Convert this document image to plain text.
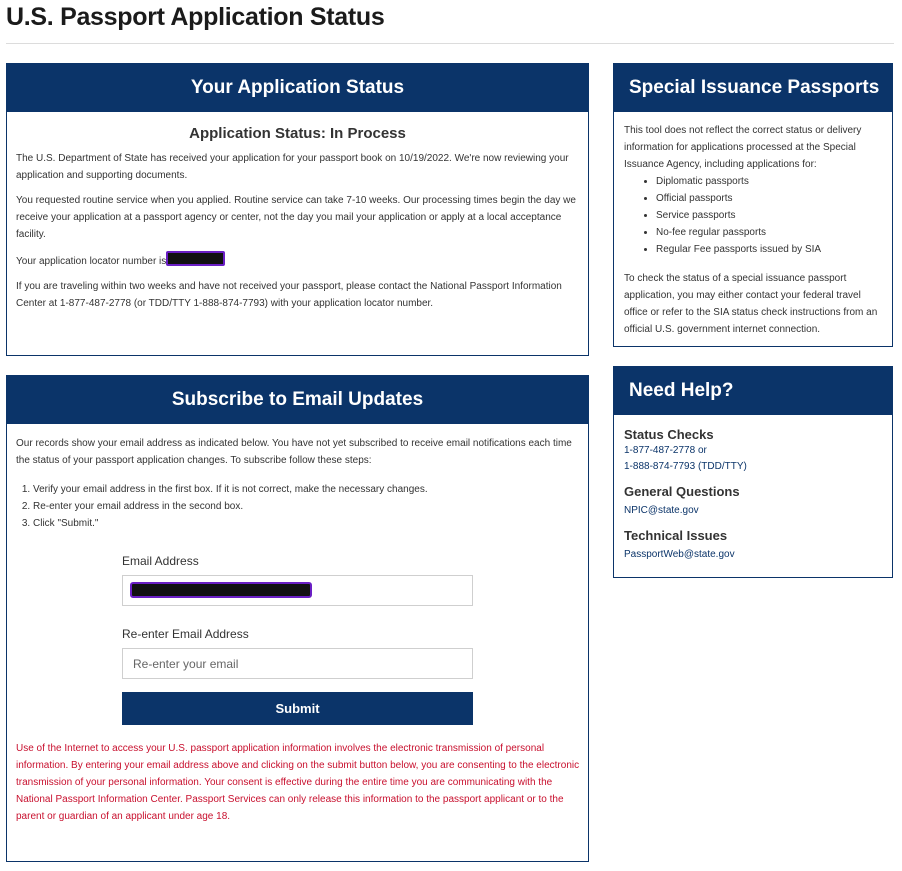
U.S. Passport Application Status
Your Application Status
Application Status: In Process

The U.S. Department of State has received your application for your passport book on 10/19/2022. We're now reviewing your application and supporting documents.

You requested routine service when you applied. Routine service can take 7-10 weeks. Our processing times begin the day we receive your application at a passport agency or center, not the day you mail your application or apply at a local acceptance facility.

Your application locator number is

If you are traveling within two weeks and have not received your passport, please contact the National Passport Information Center at 1-877-487-2778 (or TDD/TTY 1-888-874-7793) with your application locator number.

Subscribe to Email Updates

Our records show your email address as indicated below. You have not yet subscribed to receive email notifications each time the status of your passport application changes. To subscribe follow these steps:

1. Verify your email address in the first box. If it is not correct, make the necessary changes.
2. Re-enter your email address in the second box.
3. Click "Submit."
Email Address
Re-enter Email Address
Re-enter your email
Submit

Use of the Internet to access your U.S. passport application information involves the electronic transmission of personal information. By entering your email address above and clicking on the submit button below, you are consenting to the electronic transmission of your personal information. Your consent is effective during the entire time you are communicating with the National Passport Information Center. Passport Services can only release this information to the passport applicant or to the parent or guardian of an applicant under age 18.

Special Issuance Passports

This tool does not reflect the correct status or delivery information for applications processed at the Special Issuance Agency, including applications for:

• Diplomatic passports
• Official passports
• Service passports
• No-fee regular passports
• Regular Fee passports issued by SIA

To check the status of a special issuance passport application, you may either contact your federal travel office or refer to the SIA status check instructions from an official U.S. government internet connection.

Need Help?
Status Checks
1-877-487-2778 or
1-888-874-7793 (TDD/TTY)
General Questions
NPIC@state.gov
Technical Issues
PassportWeb@state.gov
